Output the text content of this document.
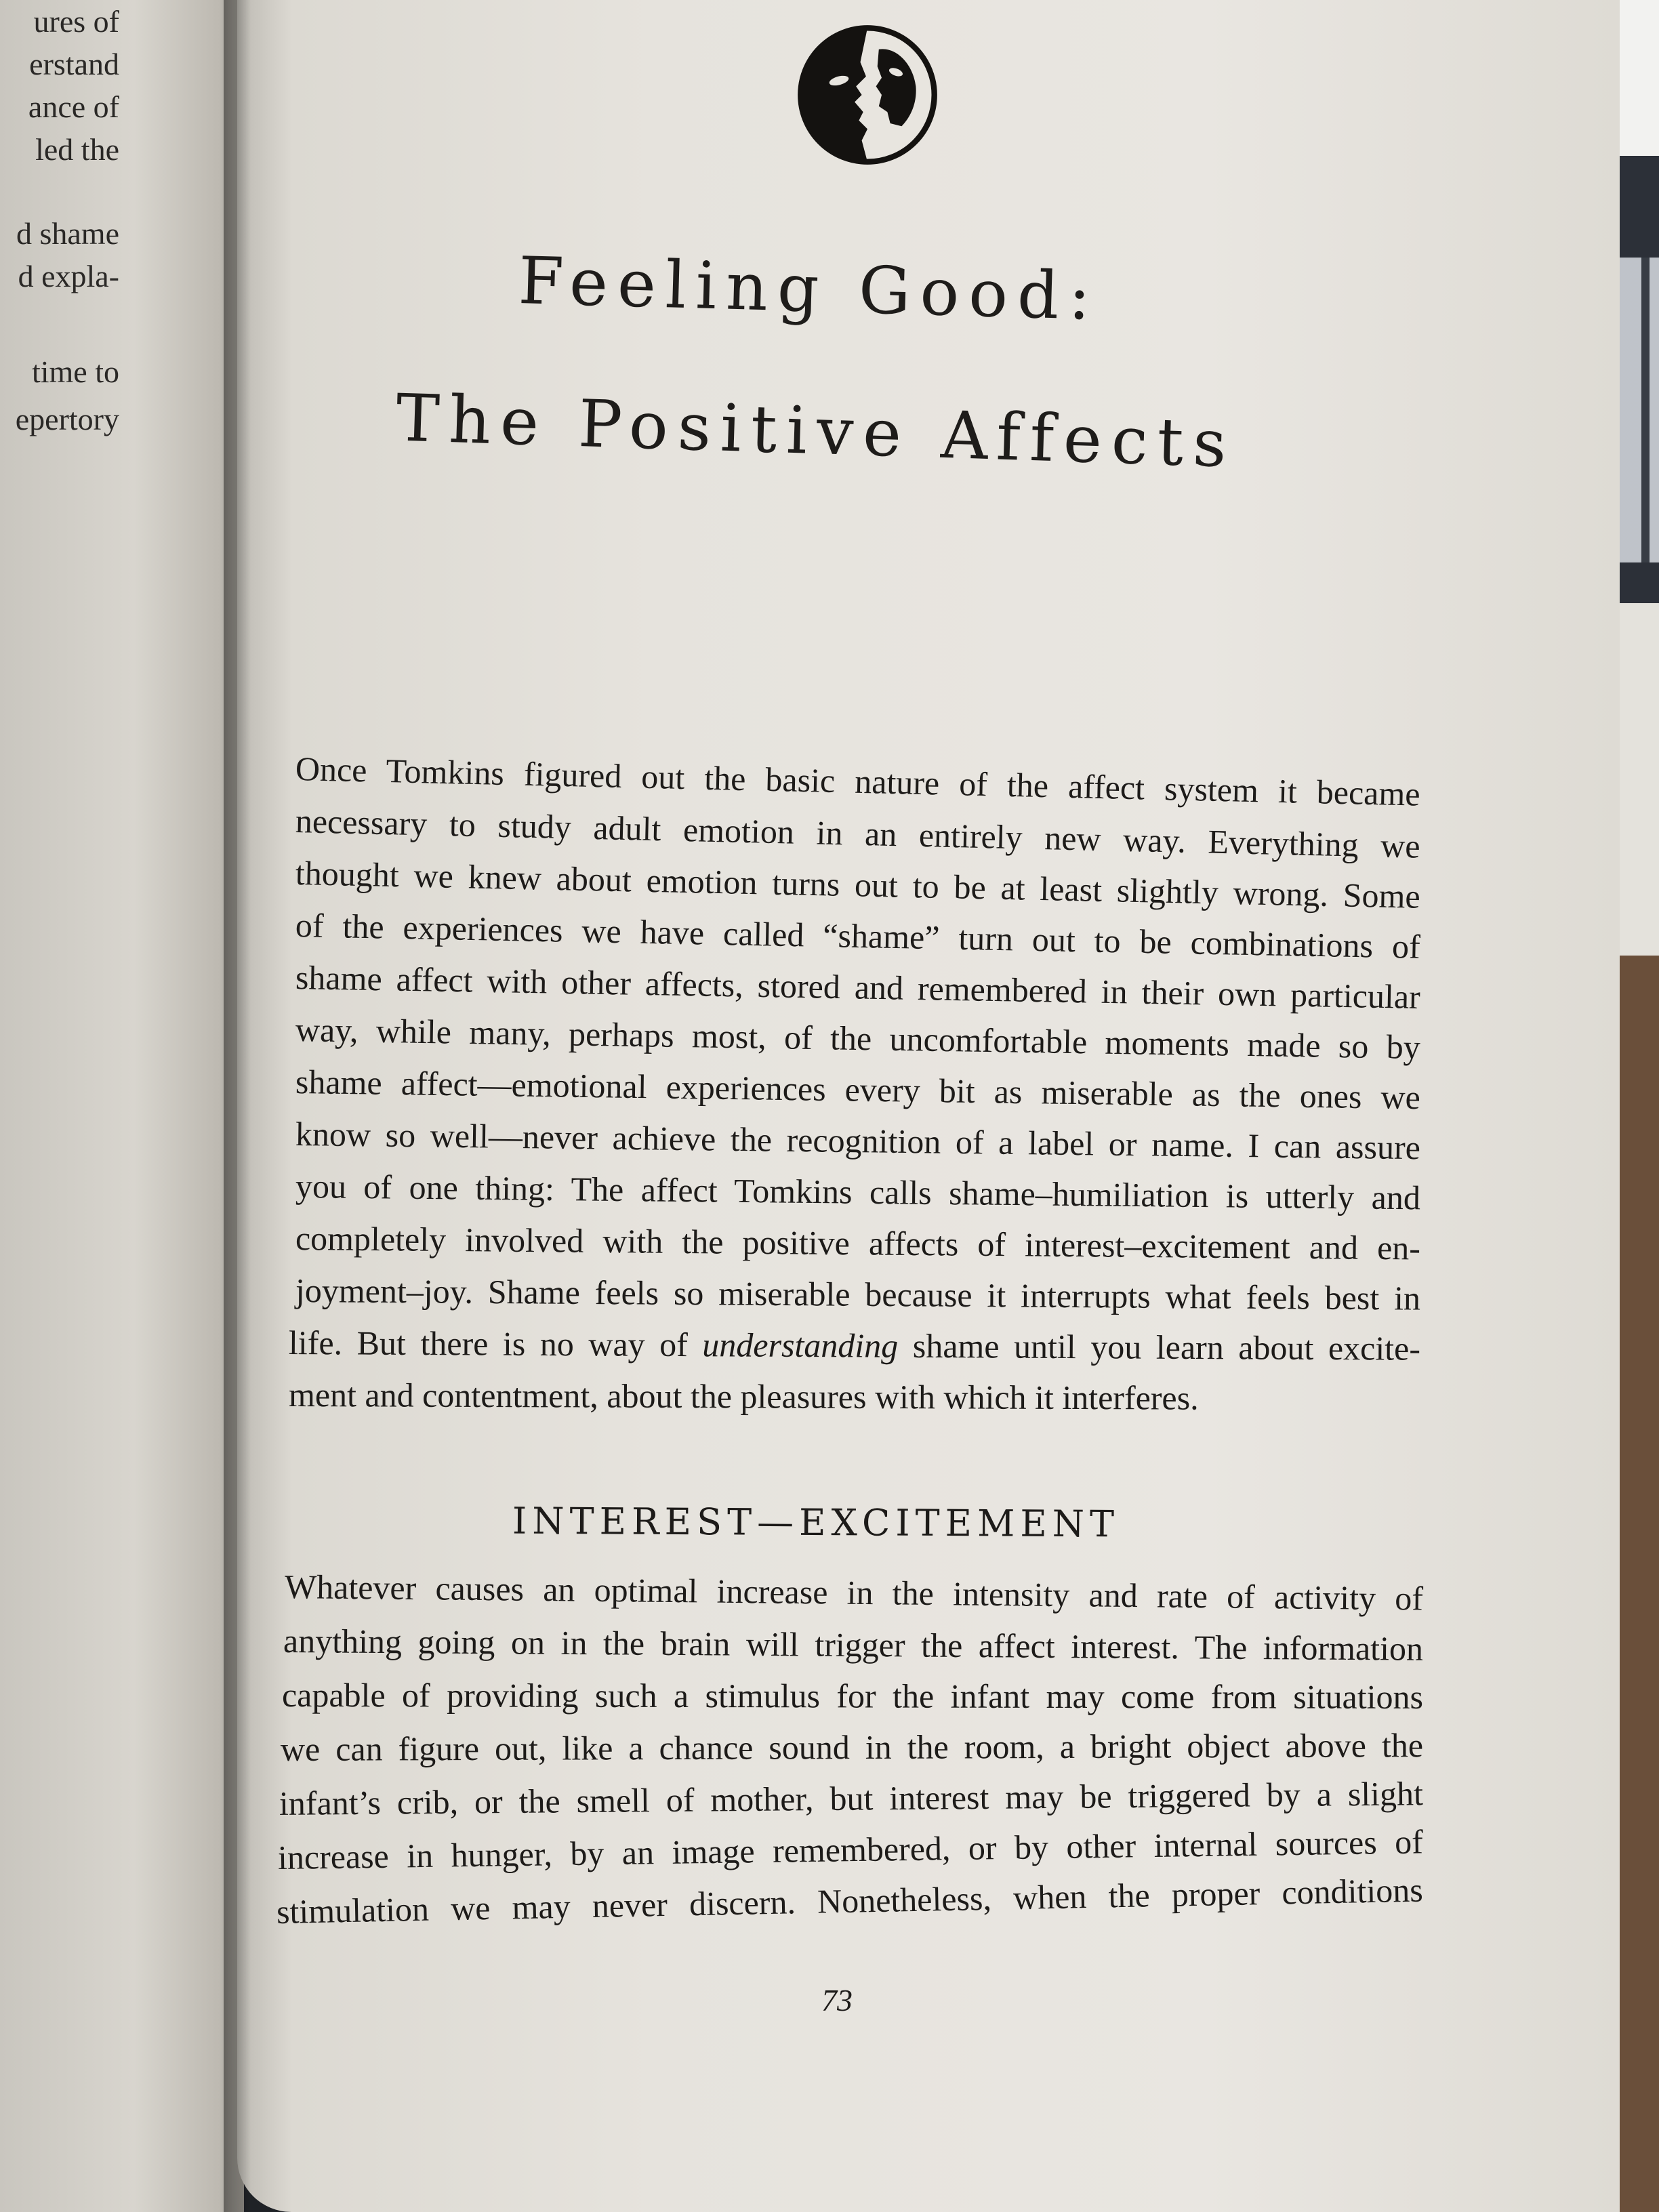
ures of
erstand
ance of
led the
d shame
d expla-
time to
epertory
Feeling Good:
The Positive Affects
Once Tomkins figured out the basic nature of the affect system it became
necessary to study adult emotion in an entirely new way. Everything we
thought we knew about emotion turns out to be at least slightly wrong. Some
of the experiences we have called “shame” turn out to be combinations of
shame affect with other affects, stored and remembered in their own particular
way, while many, perhaps most, of the uncomfortable moments made so by
shame affect—emotional experiences every bit as miserable as the ones we
know so well—never achieve the recognition of a label or name. I can assure
you of one thing: The affect Tomkins calls shame–humiliation is utterly and
completely involved with the positive affects of interest–excitement and en-
joyment–joy. Shame feels so miserable because it interrupts what feels best in
life. But there is no way of understanding shame until you learn about excite-
ment and contentment, about the pleasures with which it interferes.
INTEREST—EXCITEMENT
Whatever causes an optimal increase in the intensity and rate of activity of
anything going on in the brain will trigger the affect interest. The information
capable of providing such a stimulus for the infant may come from situations
we can figure out, like a chance sound in the room, a bright object above the
infant’s crib, or the smell of mother, but interest may be triggered by a slight
increase in hunger, by an image remembered, or by other internal sources of
stimulation we may never discern. Nonetheless, when the proper conditions
73
